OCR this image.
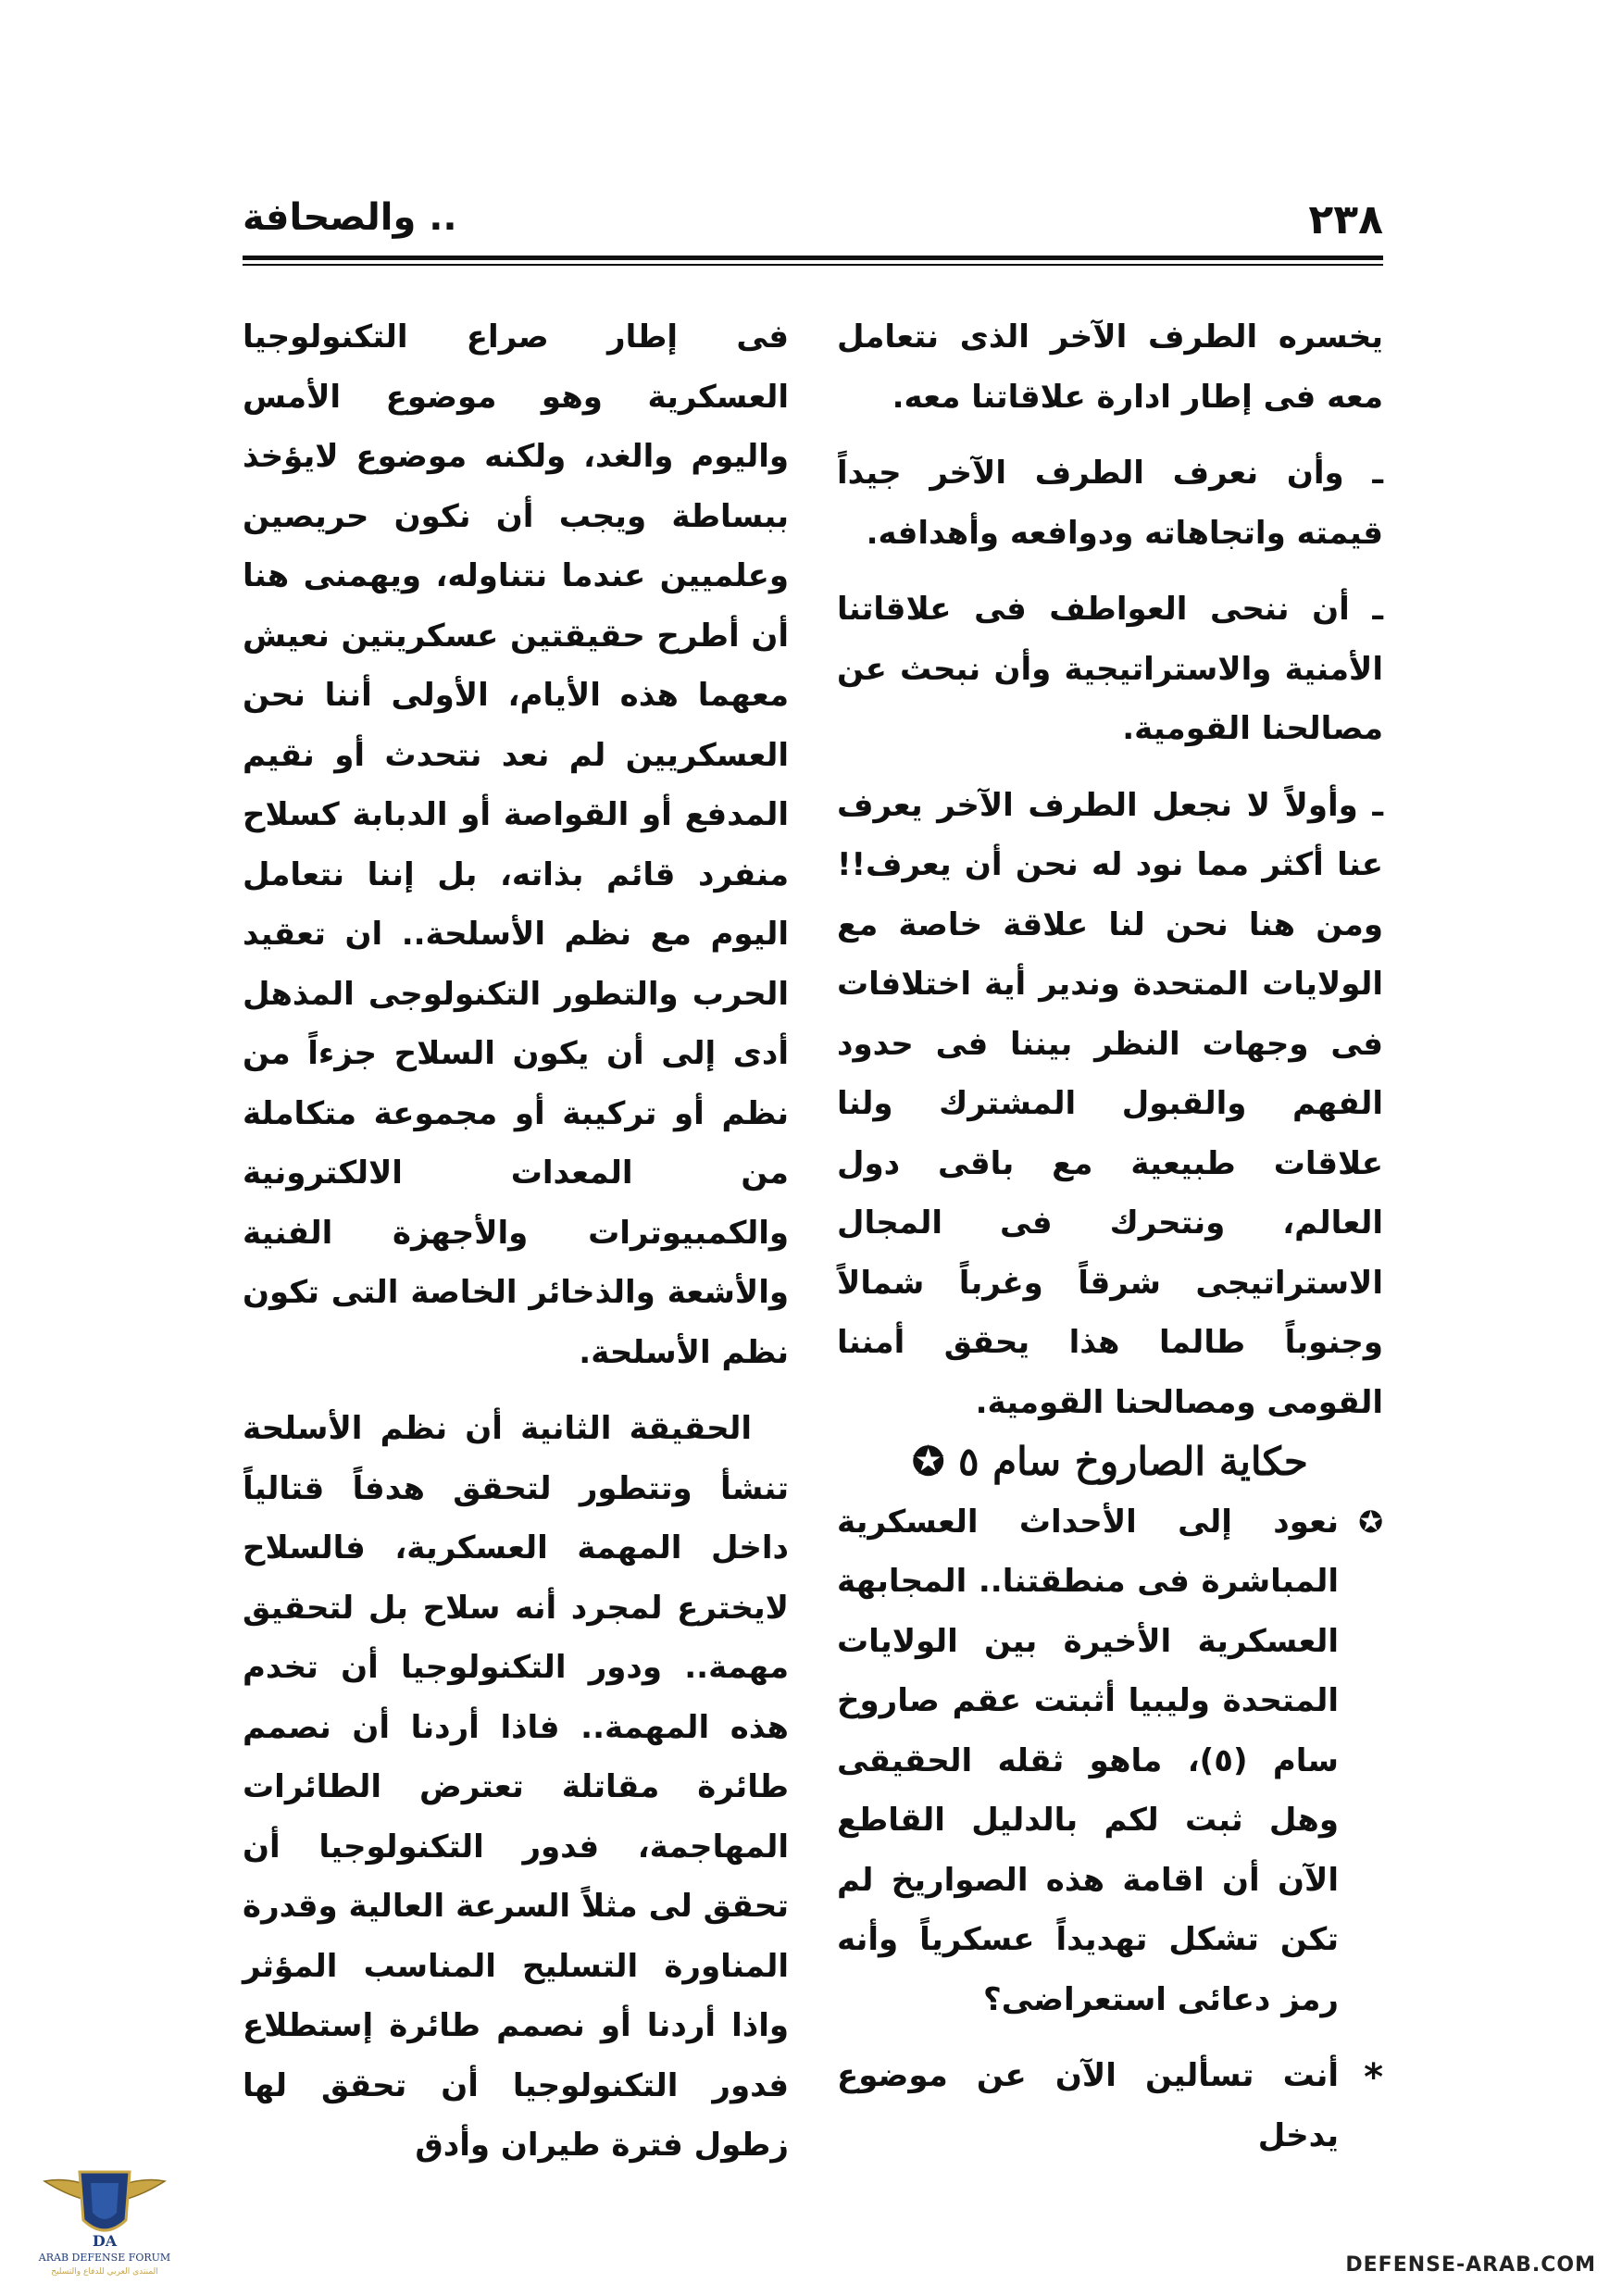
٢٣٨
.. والصحافة

يخسره الطرف الآخر الذى نتعامل معه فى إطار ادارة علاقاتنا معه.

ـ وأن نعرف الطرف الآخر جيداً قيمته واتجاهاته ودوافعه وأهدافه.

ـ أن ننحى العواطف فى علاقاتنا الأمنية والاستراتيجية وأن نبحث عن مصالحنا القومية.

ـ وأولاً لا نجعل الطرف الآخر يعرف عنا أكثر مما نود له نحن أن يعرف!! ومن هنا نحن لنا علاقة خاصة مع الولايات المتحدة وندير أية اختلافات فى وجهات النظر بيننا فى حدود الفهم والقبول المشترك ولنا علاقات طبيعية مع باقى دول العالم، ونتحرك فى المجال الاستراتيجى شرقاً وغرباً شمالاً وجنوباً طالما هذا يحقق أمننا القومى ومصالحنا القومية.

حكاية الصاروخ سام ٥ ✪

✪
نعود إلى الأحداث العسكرية المباشرة فى منطقتنا.. المجابهة العسكرية الأخيرة بين الولايات المتحدة وليبيا أثبتت عقم صاروخ سام (٥)، ماهو ثقله الحقيقى وهل ثبت لكم بالدليل القاطع الآن أن اقامة هذه الصواريخ لم تكن تشكل تهديداً عسكرياً وأنه رمز دعائى استعراضى؟

*
أنت تسألين الآن عن موضوع يدخل

فى إطار صراع التكنولوجيا العسكرية وهو موضوع الأمس واليوم والغد، ولكنه موضوع لايؤخذ ببساطة ويجب أن نكون حريصين وعلميين عندما نتناوله، ويهمنى هنا أن أطرح حقيقتين عسكريتين نعيش معهما هذه الأيام، الأولى أننا نحن العسكريين لم نعد نتحدث أو نقيم المدفع أو القواصة أو الدبابة كسلاح منفرد قائم بذاته، بل إننا نتعامل اليوم مع نظم الأسلحة.. ان تعقيد الحرب والتطور التكنولوجى المذهل أدى إلى أن يكون السلاح جزءاً من نظم أو تركيبة أو مجموعة متكاملة من المعدات الالكترونية والكمبيوترات والأجهزة الفنية والأشعة والذخائر الخاصة التى تكون نظم الأسلحة.

الحقيقة الثانية أن نظم الأسلحة تنشأ وتتطور لتحقق هدفاً قتالياً داخل المهمة العسكرية، فالسلاح لايخترع لمجرد أنه سلاح بل لتحقيق مهمة.. ودور التكنولوجيا أن تخدم هذه المهمة.. فاذا أردنا أن نصمم طائرة مقاتلة تعترض الطائرات المهاجمة، فدور التكنولوجيا أن تحقق لى مثلاً السرعة العالية وقدرة المناورة التسليح المناسب المؤثر واذا أردنا أو نصمم طائرة إستطلاع فدور التكنولوجيا أن تحقق لها زطول فترة طيران وأدق

DA
ARAB DEFENSE FORUM
المنتدى العربي للدفاع والتسليح	DEFENSE-ARAB.COM
